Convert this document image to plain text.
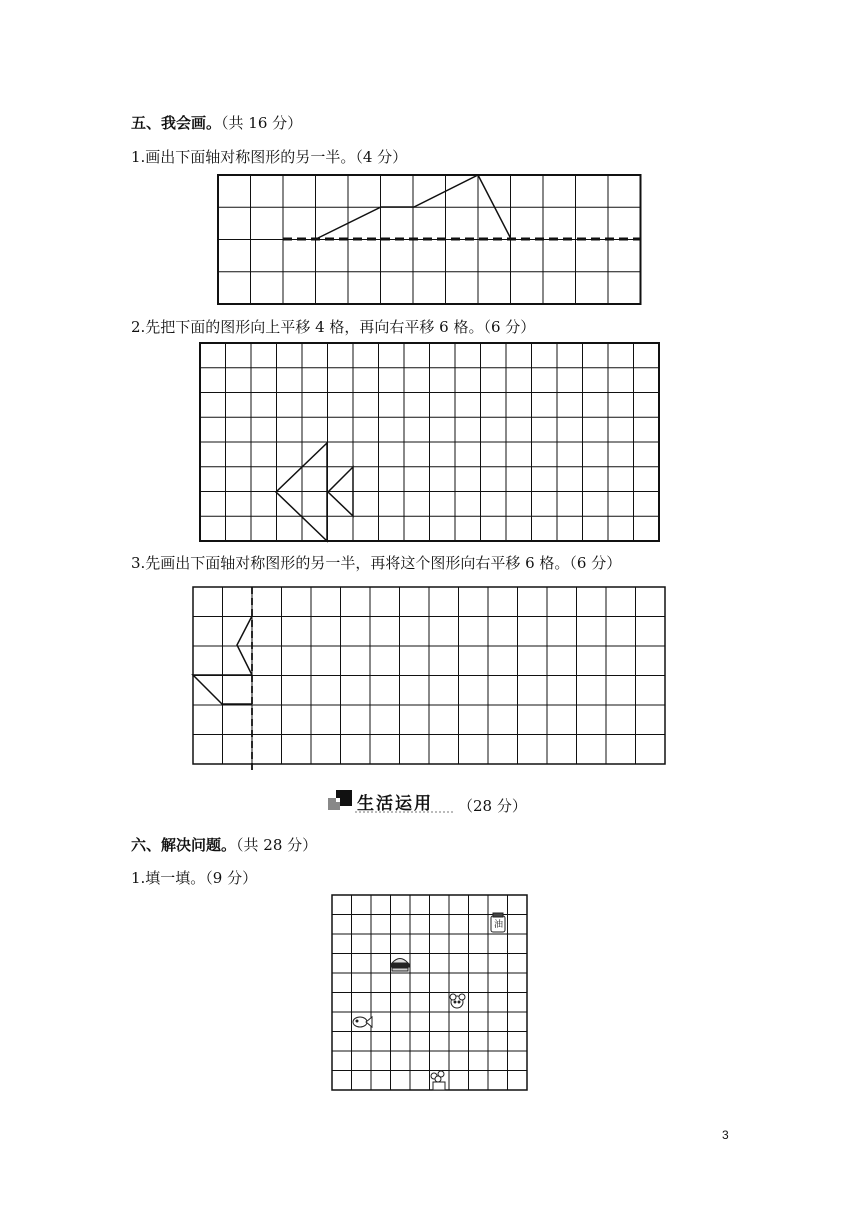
五、我会画。（共 16 分）
1.画出下面轴对称图形的另一半。（4 分）
2.先把下面的图形向上平移 4 格，再向右平移 6 格。（6 分）
3.先画出下面轴对称图形的另一半，再将这个图形向右平移 6 格。（6 分）
油
生活运用 （28 分）
六、解决问题。（共 28 分）
1.填一填。（9 分）
3
